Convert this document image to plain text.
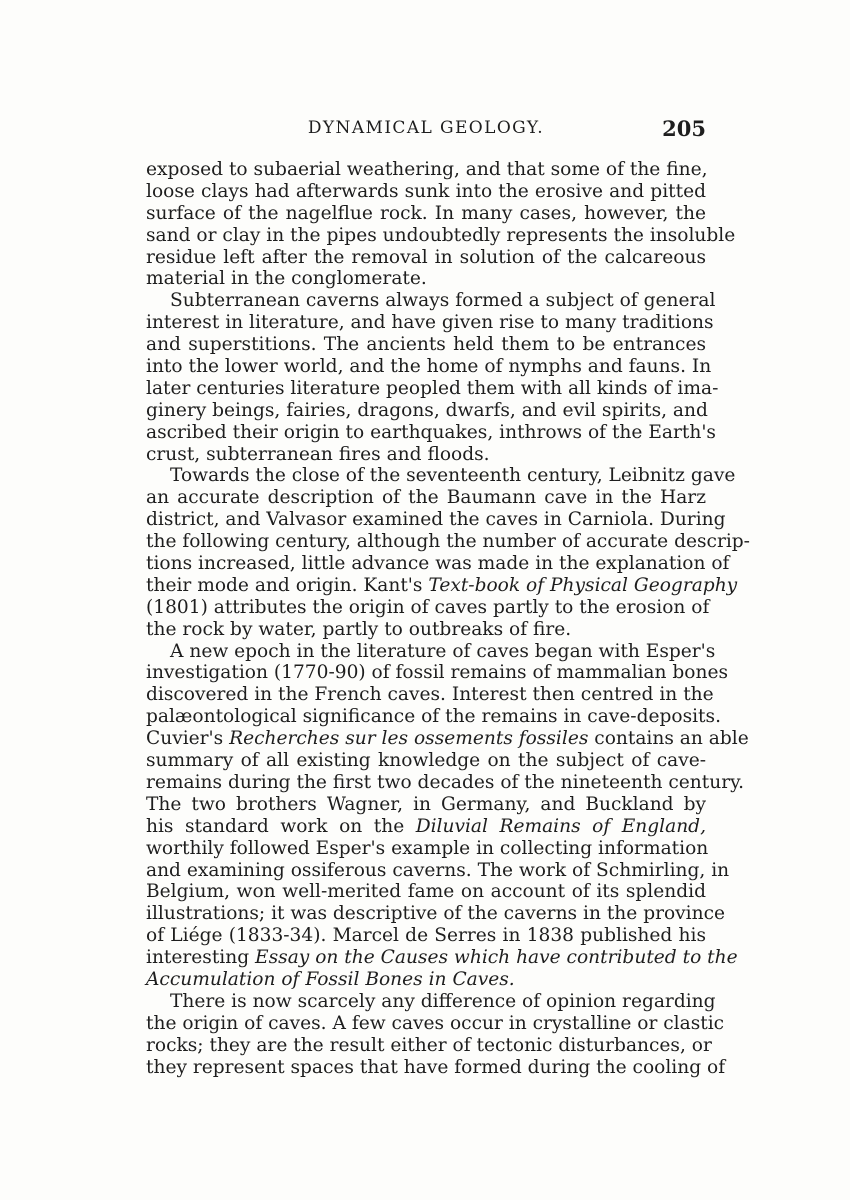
DYNAMICAL GEOLOGY.	205
exposed to subaerial weathering, and that some of the fine,
loose clays had afterwards sunk into the erosive and pitted
surface of the nagelflue rock. In many cases, however, the
sand or clay in the pipes undoubtedly represents the insoluble
residue left after the removal in solution of the calcareous
material in the conglomerate.
Subterranean caverns always formed a subject of general
interest in literature, and have given rise to many traditions
and superstitions. The ancients held them to be entrances
into the lower world, and the home of nymphs and fauns. In
later centuries literature peopled them with all kinds of ima-
ginery beings, fairies, dragons, dwarfs, and evil spirits, and
ascribed their origin to earthquakes, inthrows of the Earth's
crust, subterranean fires and floods.
Towards the close of the seventeenth century, Leibnitz gave
an accurate description of the Baumann cave in the Harz
district, and Valvasor examined the caves in Carniola. During
the following century, although the number of accurate descrip-
tions increased, little advance was made in the explanation of
their mode and origin. Kant's Text-book of Physical Geography
(1801) attributes the origin of caves partly to the erosion of
the rock by water, partly to outbreaks of fire.
A new epoch in the literature of caves began with Esper's
investigation (1770-90) of fossil remains of mammalian bones
discovered in the French caves. Interest then centred in the
palæontological significance of the remains in cave-deposits.
Cuvier's Recherches sur les ossements fossiles contains an able
summary of all existing knowledge on the subject of cave-
remains during the first two decades of the nineteenth century.
The two brothers Wagner, in Germany, and Buckland by
his standard work on the Diluvial Remains of England,
worthily followed Esper's example in collecting information
and examining ossiferous caverns. The work of Schmirling, in
Belgium, won well-merited fame on account of its splendid
illustrations; it was descriptive of the caverns in the province
of Liége (1833-34). Marcel de Serres in 1838 published his
interesting Essay on the Causes which have contributed to the
Accumulation of Fossil Bones in Caves.
There is now scarcely any difference of opinion regarding
the origin of caves. A few caves occur in crystalline or clastic
rocks; they are the result either of tectonic disturbances, or
they represent spaces that have formed during the cooling of
